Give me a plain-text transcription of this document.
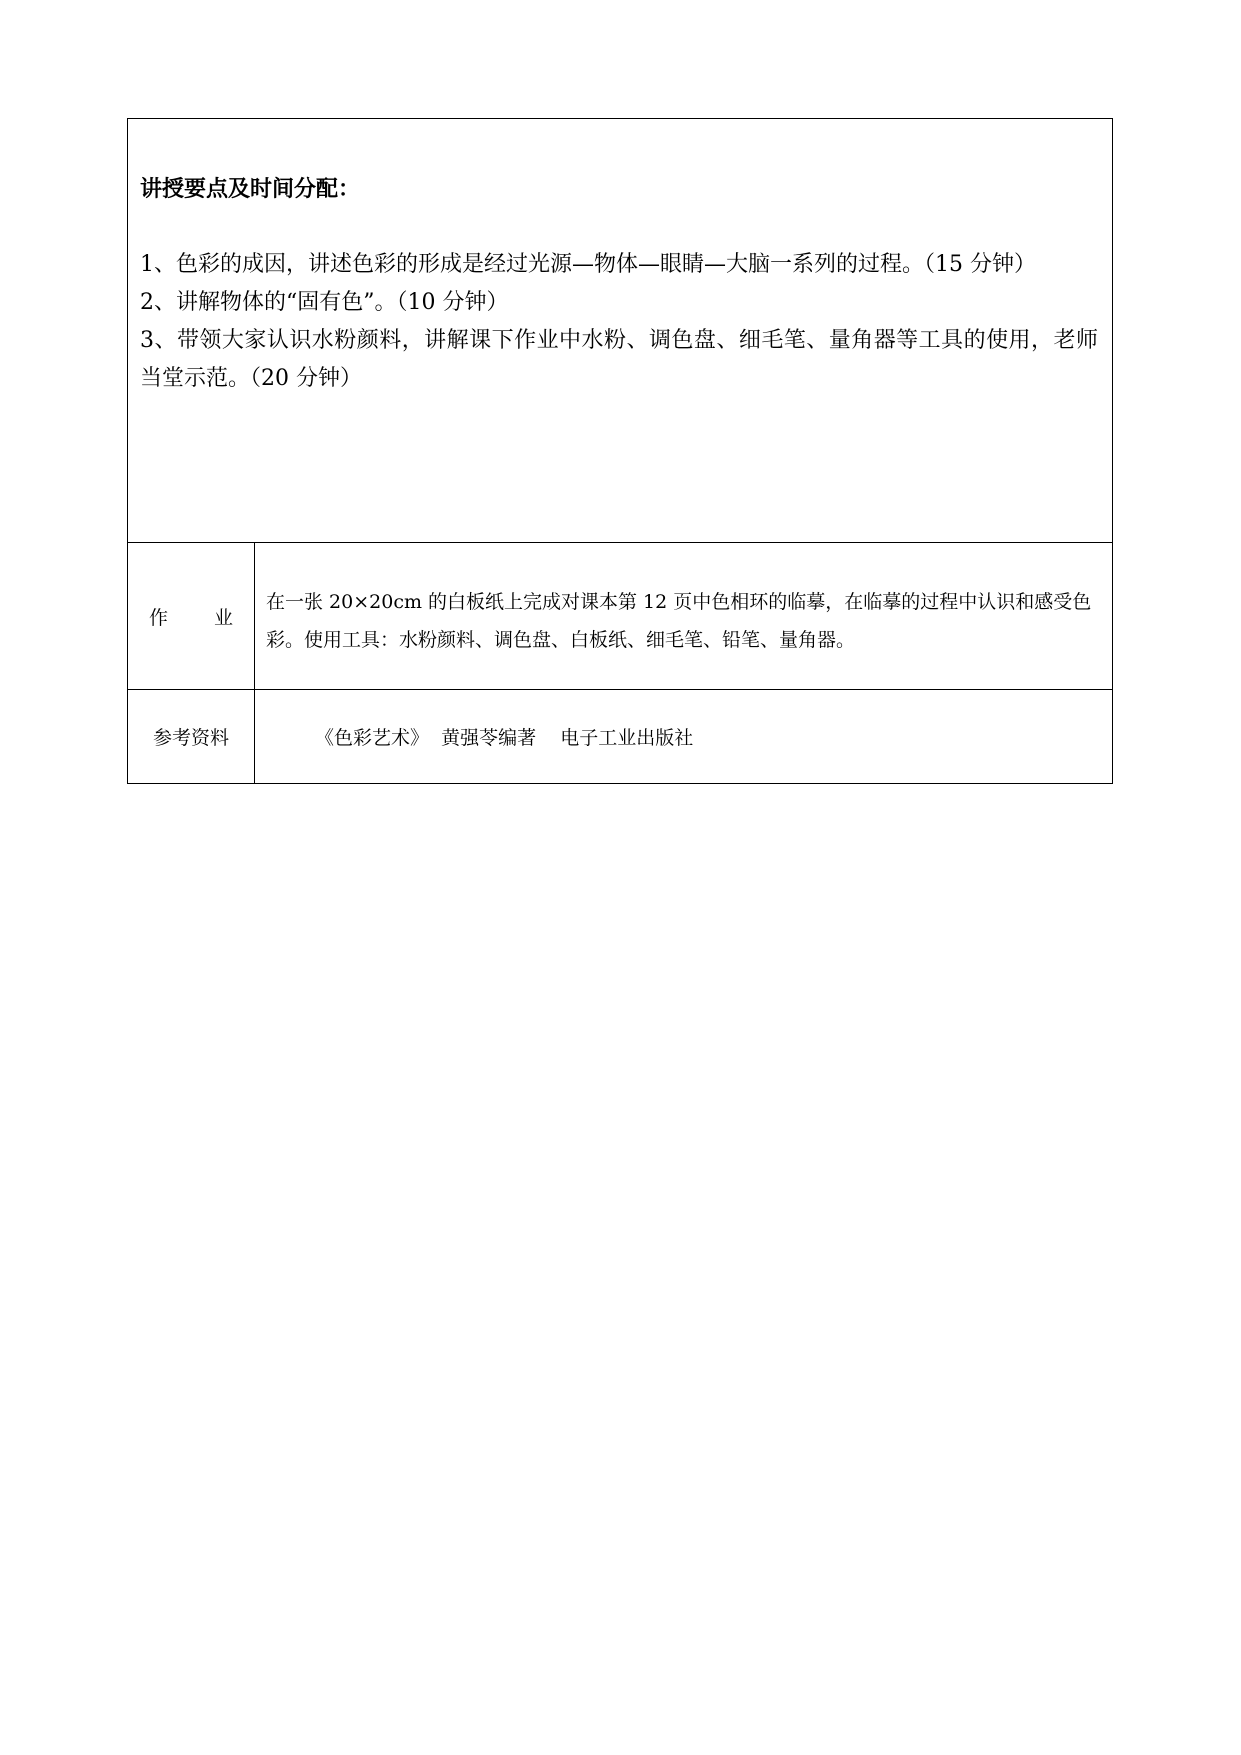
讲授要点及时间分配：

1、色彩的成因，讲述色彩的形成是经过光源—物体—眼睛—大脑一系列的过程。（15 分钟）

2、讲解物体的“固有色”。（10 分钟）

3、带领大家认识水粉颜料，讲解课下作业中水粉、调色盘、细毛笔、量角器等工具的使用，老师当堂示范。（20 分钟）	

作 业	在一张 20×20cm 的白板纸上完成对课本第 12 页中色相环的临摹，在临摹的过程中认识和感受色彩。使用工具：水粉颜料、调色盘、白板纸、细毛笔、铅笔、量角器。
参考资料	《色彩艺术》  黄强苓编著    电子工业出版社
